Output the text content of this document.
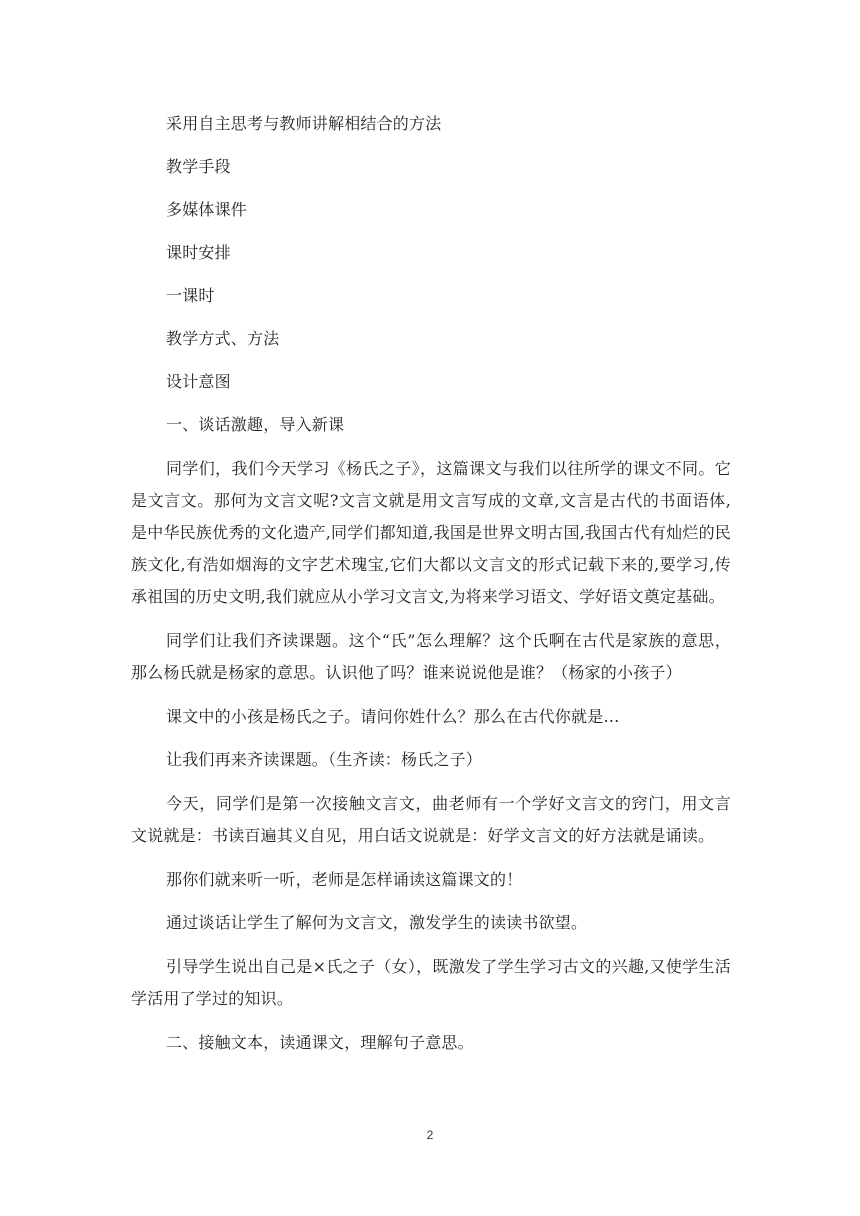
采用自主思考与教师讲解相结合的方法

教学手段

多媒体课件

课时安排

一课时

教学方式、方法

设计意图

一、谈话激趣，导入新课

同学们，我们今天学习《杨氏之子》，这篇课文与我们以往所学的课文不同。它是文言文。那何为文言文呢?文言文就是用文言写成的文章,文言是古代的书面语体,是中华民族优秀的文化遗产,同学们都知道,我国是世界文明古国,我国古代有灿烂的民族文化,有浩如烟海的文字艺术瑰宝,它们大都以文言文的形式记载下来的,要学习,传承祖国的历史文明,我们就应从小学习文言文,为将来学习语文、学好语文奠定基础。

同学们让我们齐读课题。这个“氏”怎么理解？这个氏啊在古代是家族的意思，那么杨氏就是杨家的意思。认识他了吗？谁来说说他是谁？（杨家的小孩子）

课文中的小孩是杨氏之子。请问你姓什么？那么在古代你就是…

让我们再来齐读课题。（生齐读：杨氏之子）

今天，同学们是第一次接触文言文，曲老师有一个学好文言文的窍门，用文言文说就是：书读百遍其义自见，用白话文说就是：好学文言文的好方法就是诵读。

那你们就来听一听，老师是怎样诵读这篇课文的！

通过谈话让学生了解何为文言文，激发学生的读读书欲望。

引导学生说出自己是×氏之子（女），既激发了学生学习古文的兴趣,又使学生活学活用了学过的知识。

二、接触文本，读通课文，理解句子意思。

2
